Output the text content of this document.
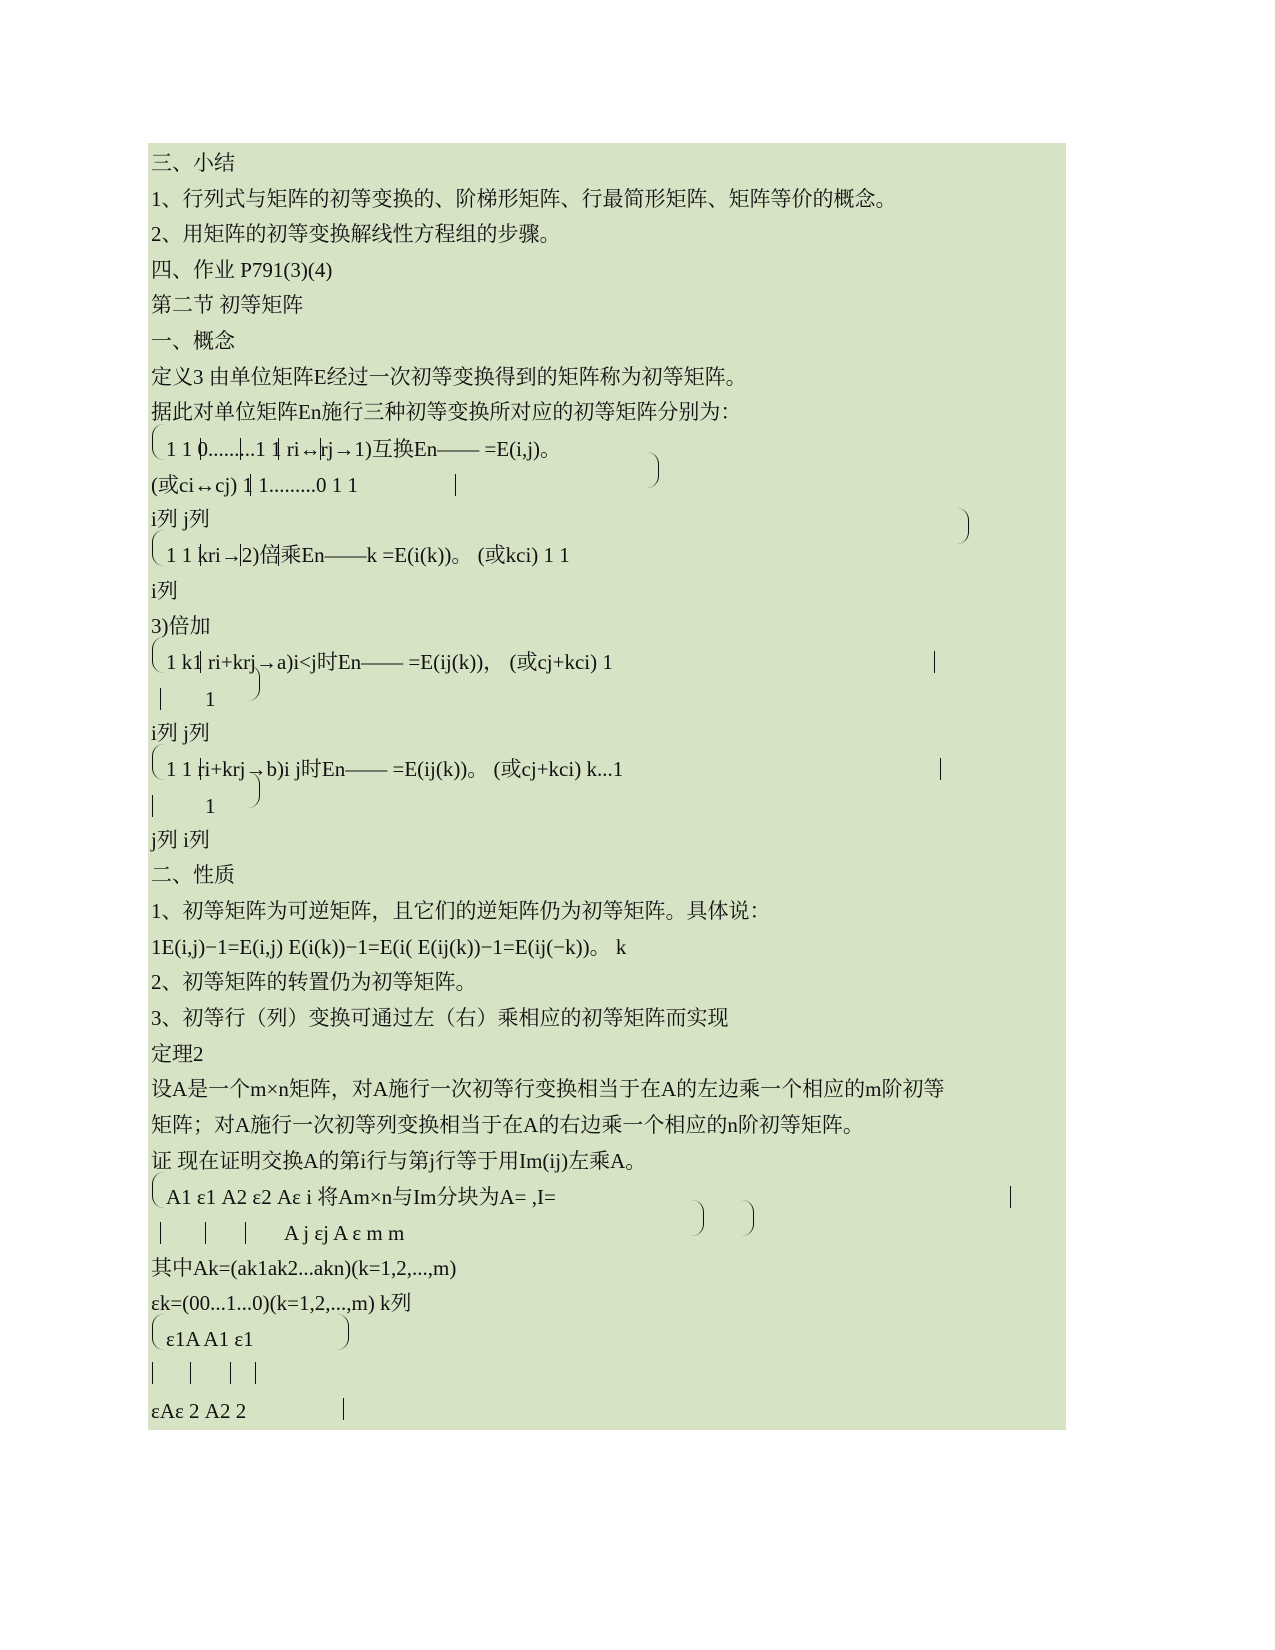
三、小结
1、行列式与矩阵的初等变换的、阶梯形矩阵、行最简形矩阵、矩阵等价的概念。
2、用矩阵的初等变换解线性方程组的步骤。
四、作业 P791(3)(4)
第二节 初等矩阵
一、概念
定义3 由单位矩阵E经过一次初等变换得到的矩阵称为初等矩阵。
据此对单位矩阵En施行三种初等变换所对应的初等矩阵分别为：
1 1 0.........1 1 ri↔rj→1)互换En—— =E(i,j)。
(或ci↔cj) 1 1.........0 1 1
i列 j列
1 1 kri→2)倍乘En——k =E(i(k))。 (或kci) 1 1
i列
3)倍加
1 k1 ri+krj→a)i<j时En—— =E(ij(k))， (或cj+kci) 1
1
i列 j列
1 1 ri+krj→b)i j时En—— =E(ij(k))。 (或cj+kci) k...1
1
j列 i列
二、性质
1、初等矩阵为可逆矩阵，且它们的逆矩阵仍为初等矩阵。具体说：
1E(i,j)−1=E(i,j) E(i(k))−1=E(i( E(ij(k))−1=E(ij(−k))。 k
2、初等矩阵的转置仍为初等矩阵。
3、初等行（列）变换可通过左（右）乘相应的初等矩阵而实现
定理2
设A是一个m×n矩阵，对A施行一次初等行变换相当于在A的左边乘一个相应的m阶初等
矩阵；对A施行一次初等列变换相当于在A的右边乘一个相应的n阶初等矩阵。
证 现在证明交换A的第i行与第j行等于用Im(ij)左乘A。
A1 ε1 A2 ε2 Aε i 将Am×n与Im分块为A= ,I=
A j εj A ε m m
其中Ak=(ak1ak2...akn)(k=1,2,...,m)
εk=(00...1...0)(k=1,2,...,m) k列
ε1A A1 ε1
εAε 2 A2 2
